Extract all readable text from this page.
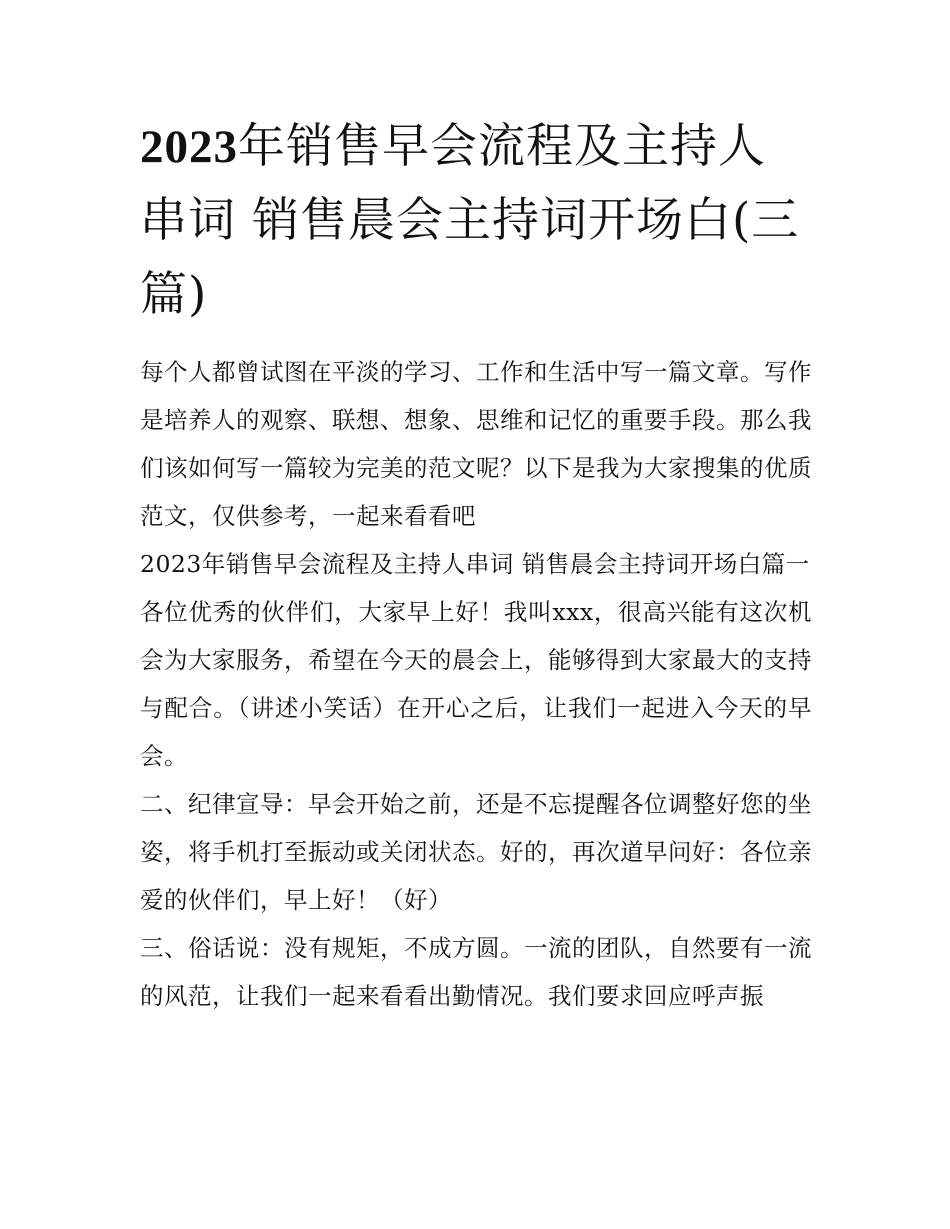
2023年销售早会流程及主持人串词 销售晨会主持词开场白(三篇)

每个人都曾试图在平淡的学习、工作和生活中写一篇文章。写作是培养人的观察、联想、想象、思维和记忆的重要手段。那么我们该如何写一篇较为完美的范文呢？以下是我为大家搜集的优质范文，仅供参考，一起来看看吧

2023年销售早会流程及主持人串词 销售晨会主持词开场白篇一

各位优秀的伙伴们，大家早上好！我叫xxx，很高兴能有这次机会为大家服务，希望在今天的晨会上，能够得到大家最大的支持与配合。（讲述小笑话）在开心之后，让我们一起进入今天的早会。

二、纪律宣导：早会开始之前，还是不忘提醒各位调整好您的坐姿，将手机打至振动或关闭状态。好的，再次道早问好：各位亲爱的伙伴们，早上好！（好）

三、俗话说：没有规矩，不成方圆。一流的团队，自然要有一流的风范，让我们一起来看看出勤情况。我们要求回应呼声振
